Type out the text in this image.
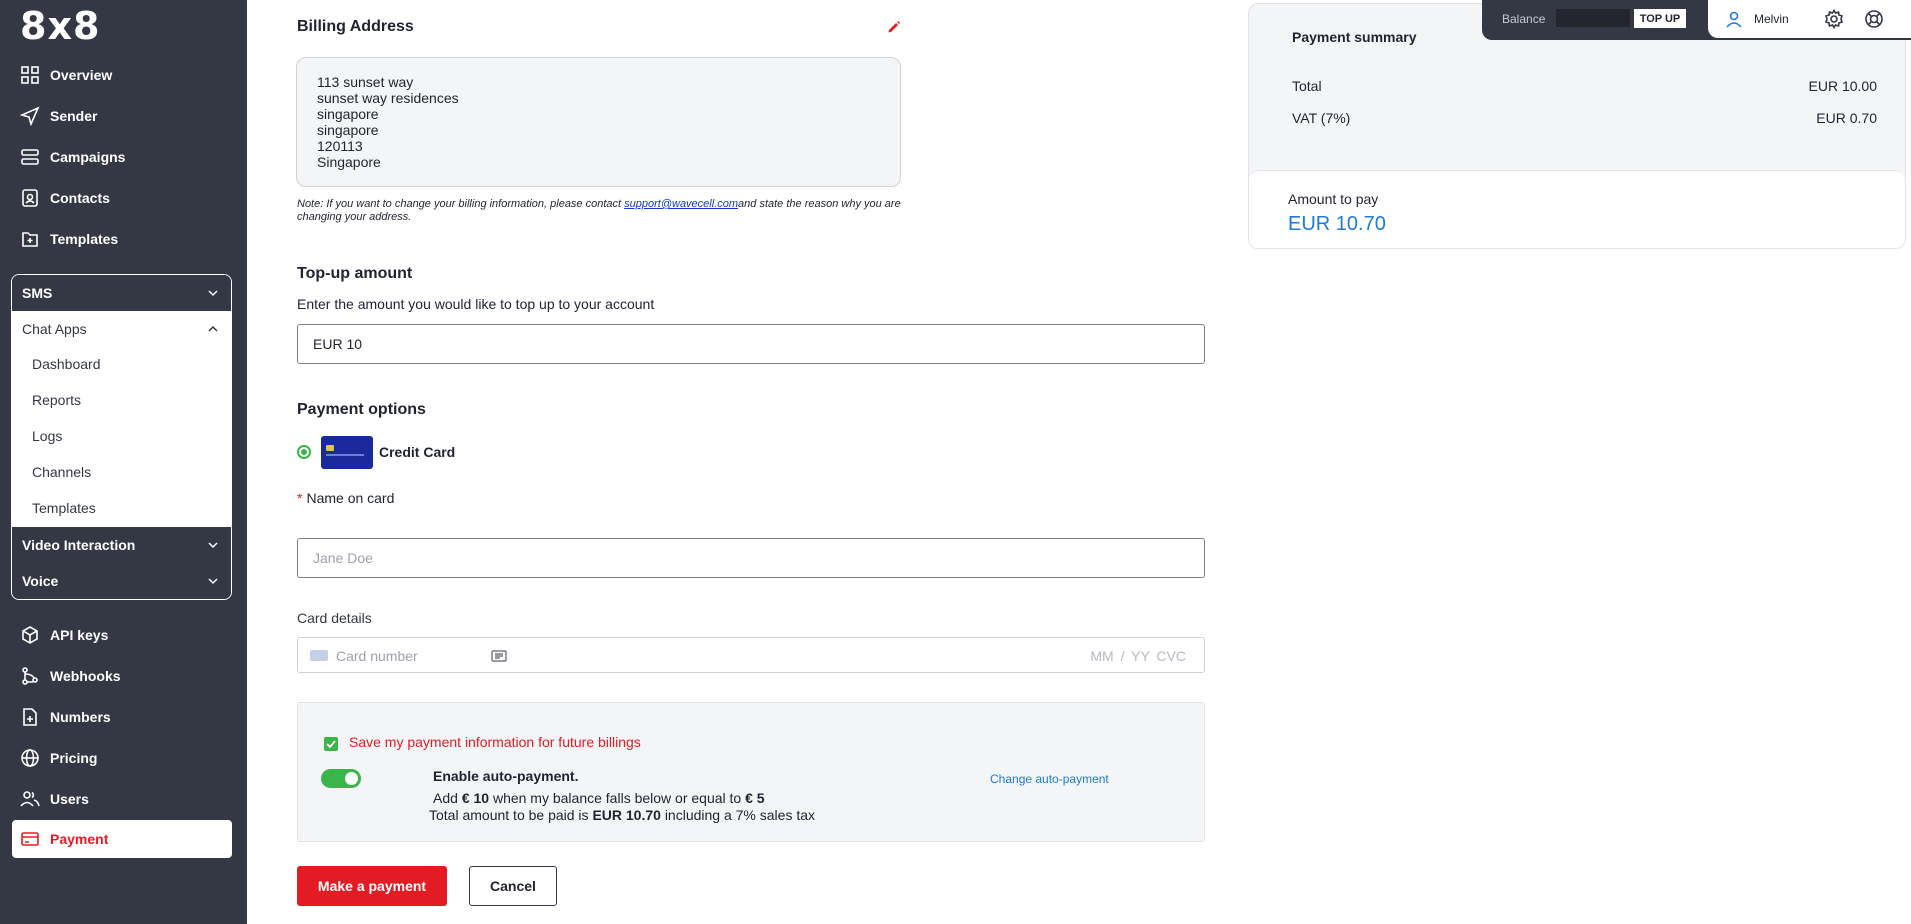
8x8
Overview
Sender
Campaigns
Contacts
Templates
SMS
Chat Apps
Dashboard
Reports
Logs
Channels
Templates
Video Interaction
Voice
API keys
Webhooks
Numbers
Pricing
Users
Payment
Billing Address
113 sunset way
sunset way residences
singapore
singapore
120113
Singapore
Note: If you want to change your billing information, please contact support@wavecell.comand state the reason why you are changing your address.
Top-up amount
Enter the amount you would like to top up to your account
EUR 10
Payment options
Credit Card
* Name on card
Jane Doe
Card details
Card number	MM / YY CVC
Save my payment information for future billings
Enable auto-payment.
Add € 10 when my balance falls below or equal to € 5
Total amount to be paid is EUR 10.70 including a 7% sales tax
Change auto-payment
Make a payment	Cancel
Payment summary
Total	EUR 10.00
VAT (7%)	EUR 0.70
Amount to pay
EUR 10.70
Balance	TOP UP	Melvin
